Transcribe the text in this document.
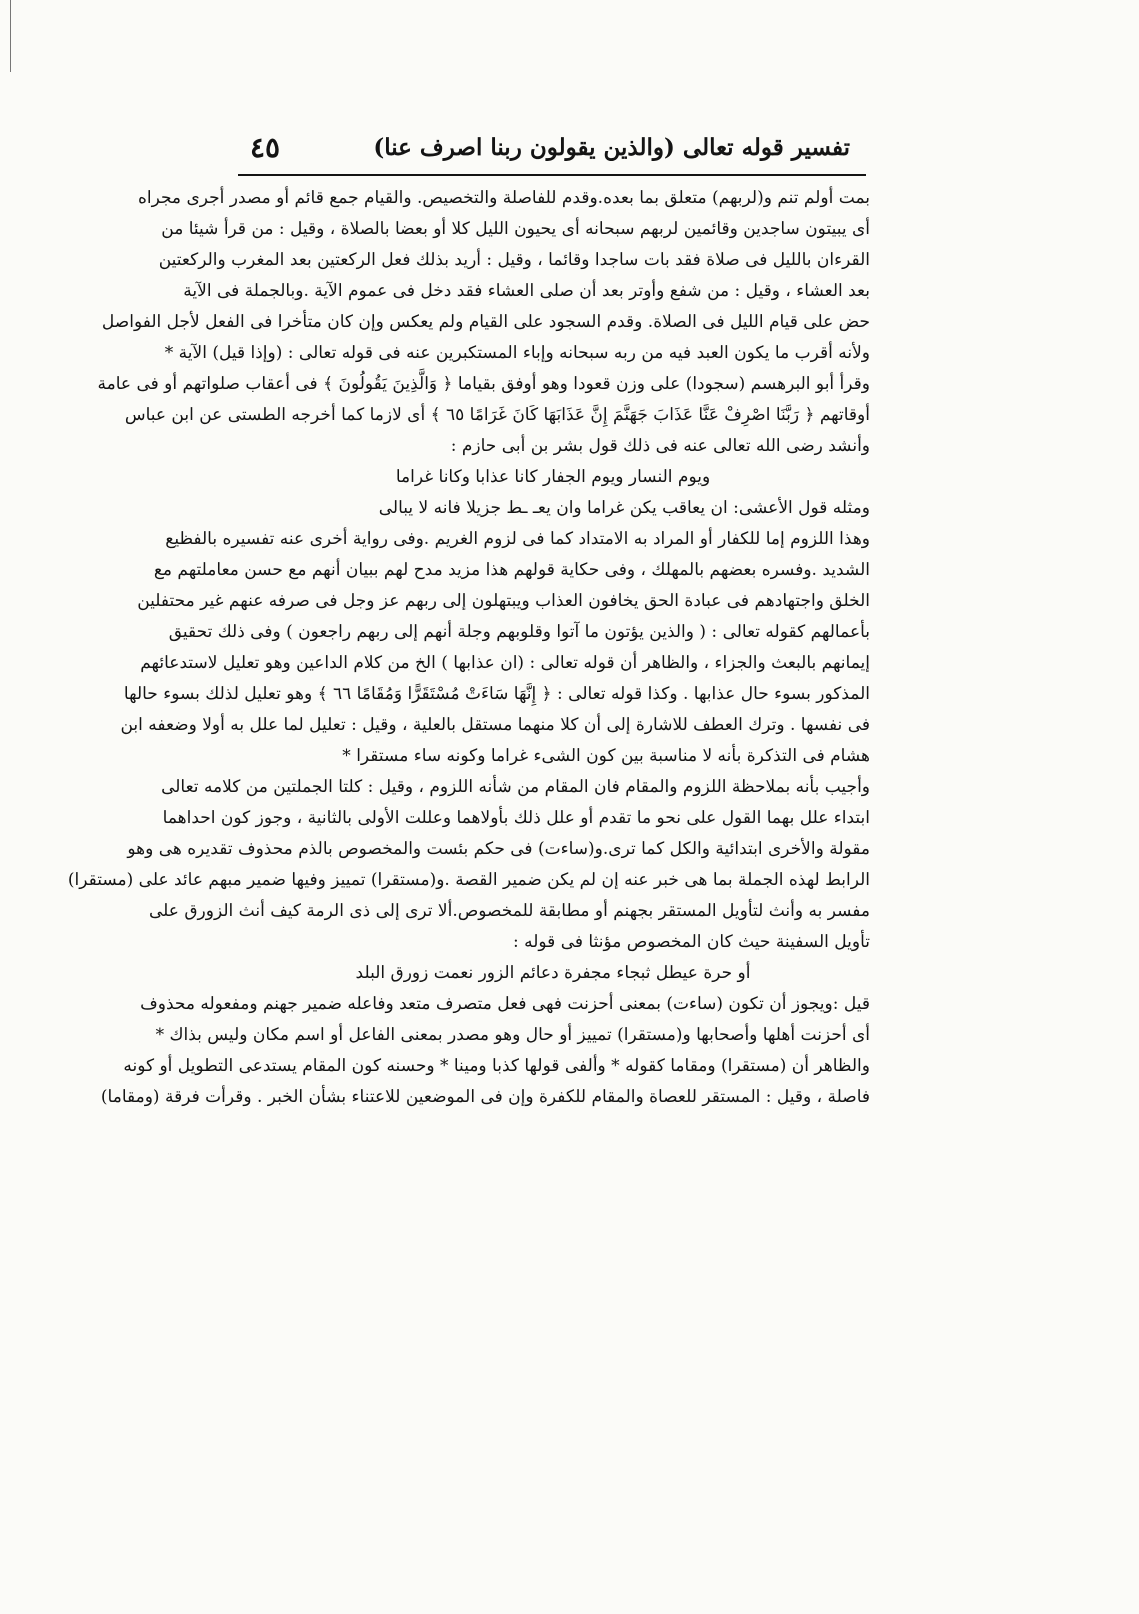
تفسير قوله تعالى (والذين يقولون ربنا اصرف عنا)
٤٥
بمت أولم تنم و(لربهم) متعلق بما بعده.وقدم للفاصلة والتخصيص. والقيام جمع قائم أو مصدر أجرى مجراه
أى يبيتون ساجدين وقائمين لربهم سبحانه أى يحيون الليل كلا أو بعضا بالصلاة ، وقيل : من قرأ شيئا من
القرءان بالليل فى صلاة فقد بات ساجدا وقائما ، وقيل : أريد بذلك فعل الركعتين بعد المغرب والركعتين
بعد العشاء ، وقيل : من شفع وأوتر بعد أن صلى العشاء فقد دخل فى عموم الآية .وبالجملة فى الآية
حض على قيام الليل فى الصلاة. وقدم السجود على القيام ولم يعكس وإن كان متأخرا فى الفعل لأجل الفواصل
ولأنه أقرب ما يكون العبد فيه من ربه سبحانه وإباء المستكبرين عنه فى قوله تعالى : (وإذا قيل) الآية *
وقرأ أبو البرهسم (سجودا) على وزن قعودا وهو أوفق بقياما ﴿ وَالَّذِينَ يَقُولُونَ ﴾ فى أعقاب صلواتهم أو فى عامة
أوقاتهم ﴿ رَبَّنَا اصْرِفْ عَنَّا عَذَابَ جَهَنَّمَ إِنَّ عَذَابَهَا كَانَ غَرَامًا ٦٥ ﴾ أى لازما كما أخرجه الطستى عن ابن عباس
وأنشد رضى الله تعالى عنه فى ذلك قول بشر بن أبى حازم :
ويوم النسار ويوم الجفار كانا عذابا وكانا غراما
ومثله قول الأعشى: ان يعاقب يكن غراما وان يعـ ـط جزيلا فانه لا يبالى
وهذا اللزوم إما للكفار أو المراد به الامتداد كما فى لزوم الغريم .وفى رواية أخرى عنه تفسيره بالفظيع
الشديد .وفسره بعضهم بالمهلك ، وفى حكاية قولهم هذا مزيد مدح لهم ببيان أنهم مع حسن معاملتهم مع
الخلق واجتهادهم فى عبادة الحق يخافون العذاب ويبتهلون إلى ربهم عز وجل فى صرفه عنهم غير محتفلين
بأعمالهم كقوله تعالى : ( والذين يؤتون ما آتوا وقلوبهم وجلة أنهم إلى ربهم راجعون ) وفى ذلك تحقيق
إيمانهم بالبعث والجزاء ، والظاهر أن قوله تعالى : (ان عذابها ) الخ من كلام الداعين وهو تعليل لاستدعائهم
المذكور بسوء حال عذابها . وكذا قوله تعالى : ﴿ إِنَّهَا سَاءَتْ مُسْتَقَرًّا وَمُقَامًا ٦٦ ﴾ وهو تعليل لذلك بسوء حالها
فى نفسها . وترك العطف للاشارة إلى أن كلا منهما مستقل بالعلية ، وقيل : تعليل لما علل به أولا وضعفه ابن
هشام فى التذكرة بأنه لا مناسبة بين كون الشىء غراما وكونه ساء مستقرا *
وأجيب بأنه بملاحظة اللزوم والمقام فان المقام من شأنه اللزوم ، وقيل : كلتا الجملتين من كلامه تعالى
ابتداء علل بهما القول على نحو ما تقدم أو علل ذلك بأولاهما وعللت الأولى بالثانية ، وجوز كون احداهما
مقولة والأخرى ابتدائية والكل كما ترى.و(ساءت) فى حكم بئست والمخصوص بالذم محذوف تقديره هى وهو
الرابط لهذه الجملة بما هى خبر عنه إن لم يكن ضمير القصة .و(مستقرا) تمييز وفيها ضمير مبهم عائد على (مستقرا)
مفسر به وأنث لتأويل المستقر بجهنم أو مطابقة للمخصوص.ألا ترى إلى ذى الرمة كيف أنث الزورق على
تأويل السفينة حيث كان المخصوص مؤنثا فى قوله :
أو حرة عيطل ثبجاء مجفرة دعائم الزور نعمت زورق البلد
قيل :ويجوز أن تكون (ساءت) بمعنى أحزنت فهى فعل متصرف متعد وفاعله ضمير جهنم ومفعوله محذوف
أى أحزنت أهلها وأصحابها و(مستقرا) تمييز أو حال وهو مصدر بمعنى الفاعل أو اسم مكان وليس بذاك *
والظاهر أن (مستقرا) ومقاما كقوله * وألفى قولها كذبا ومينا * وحسنه كون المقام يستدعى التطويل أو كونه
فاصلة ، وقيل : المستقر للعصاة والمقام للكفرة وإن فى الموضعين للاعتناء بشأن الخبر . وقرأت فرقة (ومقاما)
